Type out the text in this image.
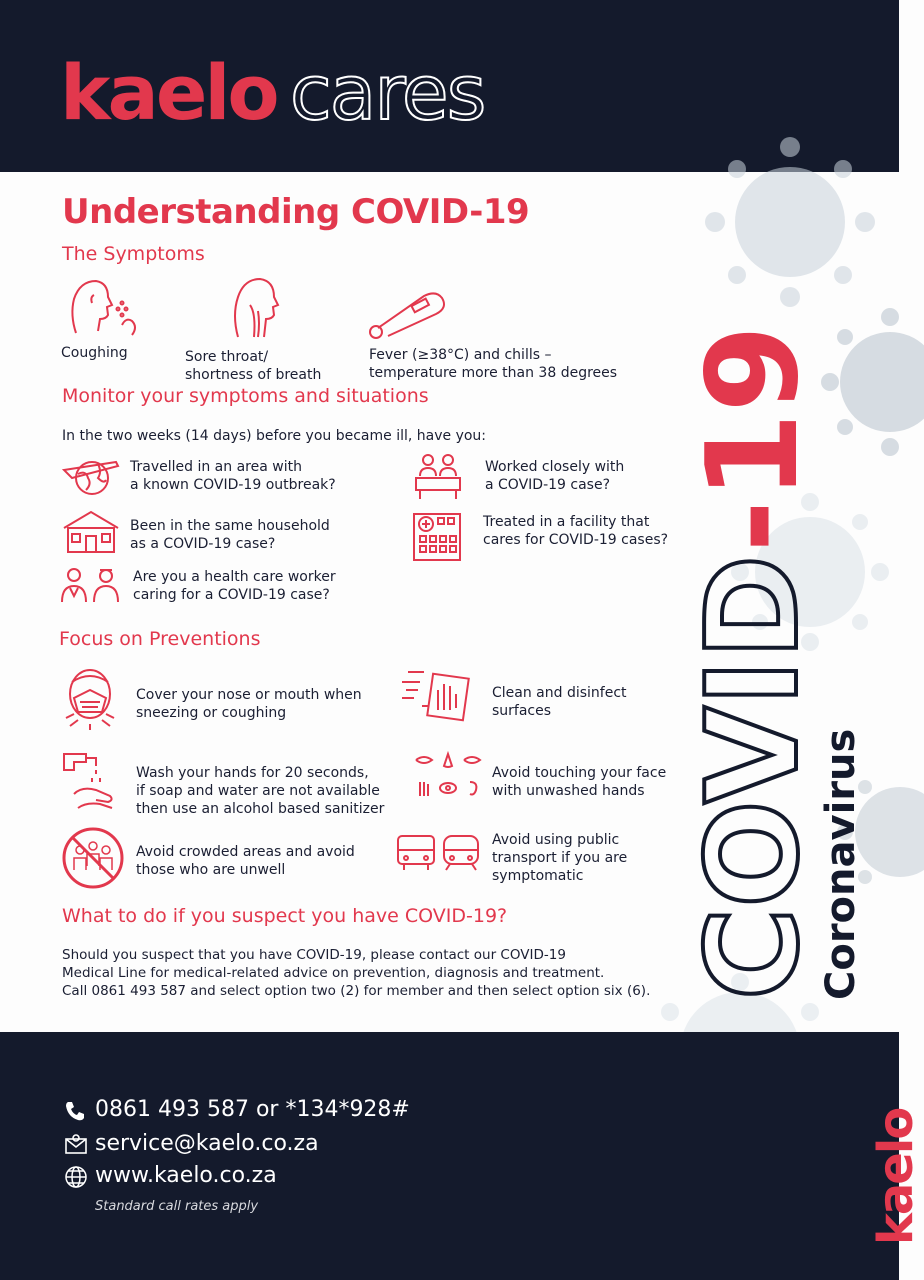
kaelo cares
Understanding COVID-19
The Symptoms
Coughing	Sore throat/
shortness of breath
Fever (≥38°C) and chills –
temperature more than 38 degrees
Monitor your symptoms and situations
In the two weeks (14 days) before you became ill, have you:
Travelled in an area with
a known COVID-19 outbreak?
Worked closely with
a COVID-19 case?
Been in the same household
as a COVID-19 case?
Treated in a facility that
cares for COVID-19 cases?
Are you a health care worker
caring for a COVID-19 case?
Focus on Preventions
Cover your nose or mouth when
sneezing or coughing
Clean and disinfect
surfaces
Wash your hands for 20 seconds,
if soap and water are not available
then use an alcohol based sanitizer
Avoid touching your face
with unwashed hands
Avoid crowded areas and avoid
those who are unwell
Avoid using public
transport if you are
symptomatic
What to do if you suspect you have COVID-19?
Should you suspect that you have COVID-19, please contact our COVID-19
Medical Line for medical-related advice on prevention, diagnosis and treatment.
Call 0861 493 587 and select option two (2) for member and then select option six (6). COVID-19
Coronavirus
0861 493 587 or *134*928#
service@kaelo.co.za
www.kaelo.co.za
Standard call rates apply	kaelo
